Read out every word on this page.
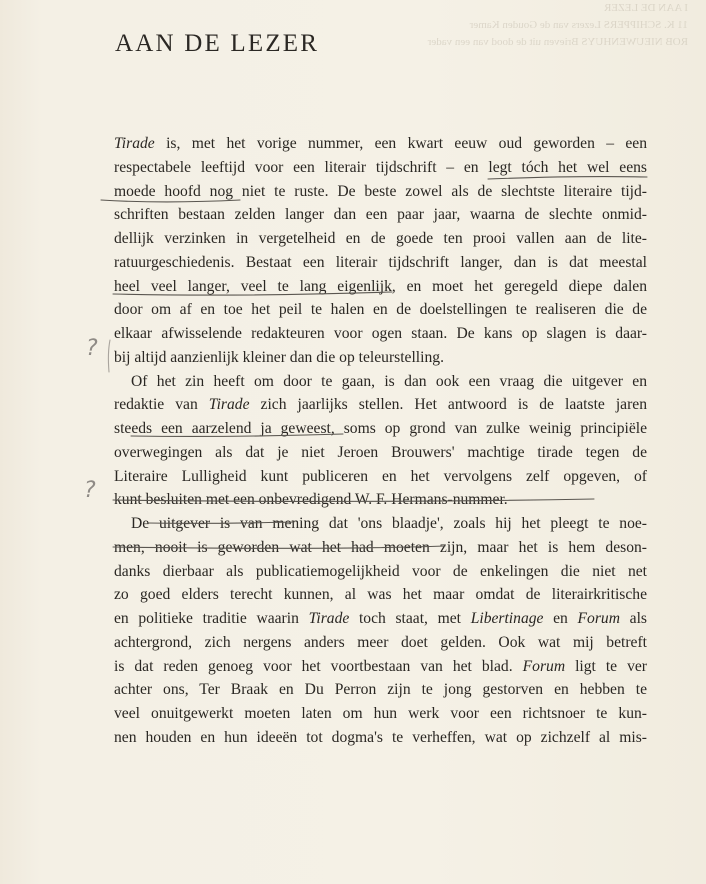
I AAN DE LEZER
11 K. SCHIPPERS Lezers van de Gouden Kamer
ROB NIEUWENHUYS Brieven uit de dood van een vader
AAN DE LEZER

Tirade is, met het vorige nummer, een kwart eeuw oud geworden – een

respectabele leeftijd voor een literair tijdschrift – en legt tóch het wel eens

moede hoofd nog niet te ruste. De beste zowel als de slechtste literaire tijd-

schriften bestaan zelden langer dan een paar jaar, waarna de slechte onmid-

dellijk verzinken in vergetelheid en de goede ten prooi vallen aan de lite-

ratuurgeschiedenis. Bestaat een literair tijdschrift langer, dan is dat meestal

heel veel langer, veel te lang eigenlijk, en moet het geregeld diepe dalen

door om af en toe het peil te halen en de doelstellingen te realiseren die de

elkaar afwisselende redakteuren voor ogen staan. De kans op slagen is daar-

bij altijd aanzienlijk kleiner dan die op teleurstelling.

Of het zin heeft om door te gaan, is dan ook een vraag die uitgever en

redaktie van Tirade zich jaarlijks stellen. Het antwoord is de laatste jaren

steeds een aarzelend ja geweest, soms op grond van zulke weinig principiële

overwegingen als dat je niet Jeroen Brouwers' machtige tirade tegen de

Literaire Lulligheid kunt publiceren en het vervolgens zelf opgeven, of

kunt besluiten met een onbevredigend W. F. Hermans-nummer.

De uitgever is van mening dat 'ons blaadje', zoals hij het pleegt te noe-

men, nooit is geworden wat het had moeten zijn, maar het is hem deson-

danks dierbaar als publicatiemogelijkheid voor de enkelingen die niet net

zo goed elders terecht kunnen, al was het maar omdat de literairkritische

en politieke traditie waarin Tirade toch staat, met Libertinage en Forum als

achtergrond, zich nergens anders meer doet gelden. Ook wat mij betreft

is dat reden genoeg voor het voortbestaan van het blad. Forum ligt te ver

achter ons, Ter Braak en Du Perron zijn te jong gestorven en hebben te

veel onuitgewerkt moeten laten om hun werk voor een richtsnoer te kun-

nen houden en hun ideeën tot dogma's te verheffen, wat op zichzelf al mis-

?
?
